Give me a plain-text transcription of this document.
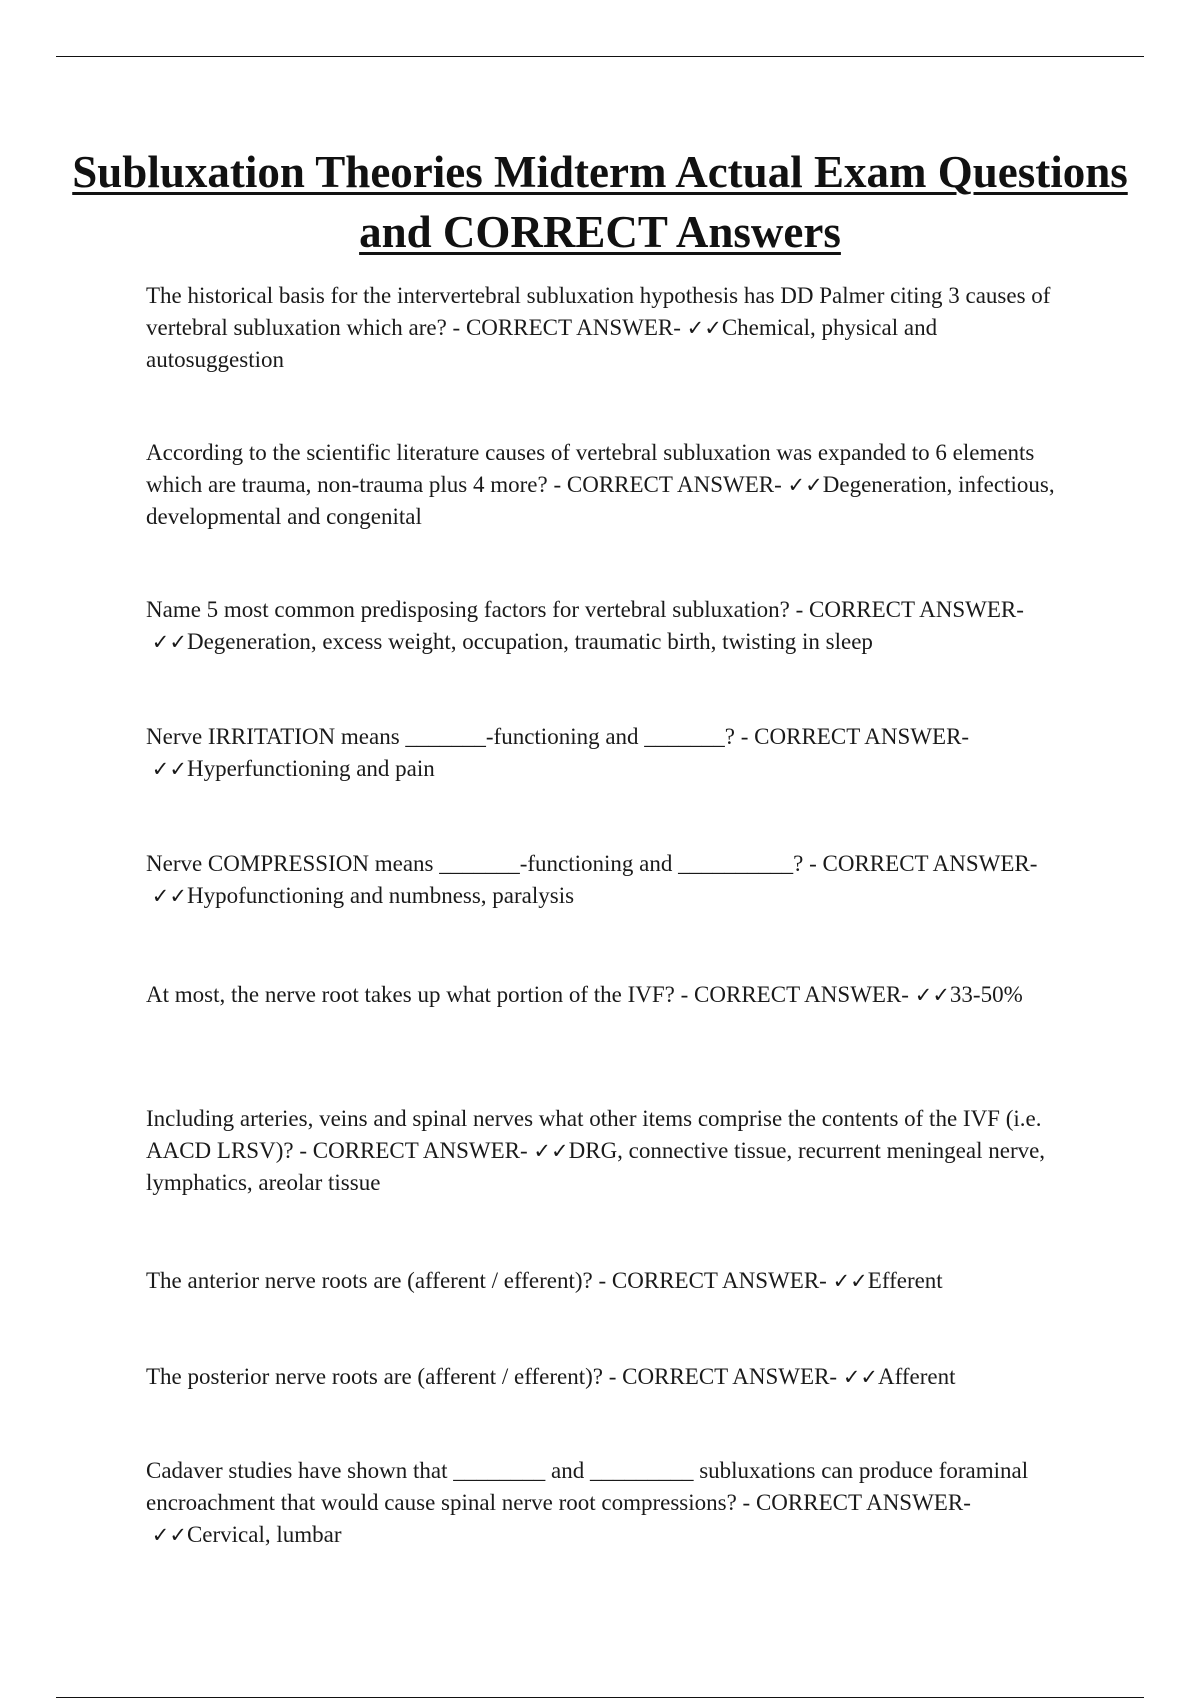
Subluxation Theories Midterm Actual Exam Questions and CORRECT Answers
The historical basis for the intervertebral subluxation hypothesis has DD Palmer citing 3 causes of vertebral subluxation which are? - CORRECT ANSWER- ✓✓Chemical, physical and autosuggestion
According to the scientific literature causes of vertebral subluxation was expanded to 6 elements which are trauma, non-trauma plus 4 more? - CORRECT ANSWER- ✓✓Degeneration, infectious, developmental and congenital
Name 5 most common predisposing factors for vertebral subluxation? - CORRECT ANSWER- ✓✓Degeneration, excess weight, occupation, traumatic birth, twisting in sleep
Nerve IRRITATION means _______-functioning and _______? - CORRECT ANSWER- ✓✓Hyperfunctioning and pain
Nerve COMPRESSION means _______-functioning and __________? - CORRECT ANSWER- ✓✓Hypofunctioning and numbness, paralysis
At most, the nerve root takes up what portion of the IVF? - CORRECT ANSWER- ✓✓33-50%
Including arteries, veins and spinal nerves what other items comprise the contents of the IVF (i.e. AACD LRSV)? - CORRECT ANSWER- ✓✓DRG, connective tissue, recurrent meningeal nerve, lymphatics, areolar tissue
The anterior nerve roots are (afferent / efferent)? - CORRECT ANSWER- ✓✓Efferent
The posterior nerve roots are (afferent / efferent)? - CORRECT ANSWER- ✓✓Afferent
Cadaver studies have shown that ________ and _________ subluxations can produce foraminal encroachment that would cause spinal nerve root compressions? - CORRECT ANSWER- ✓✓Cervical, lumbar
